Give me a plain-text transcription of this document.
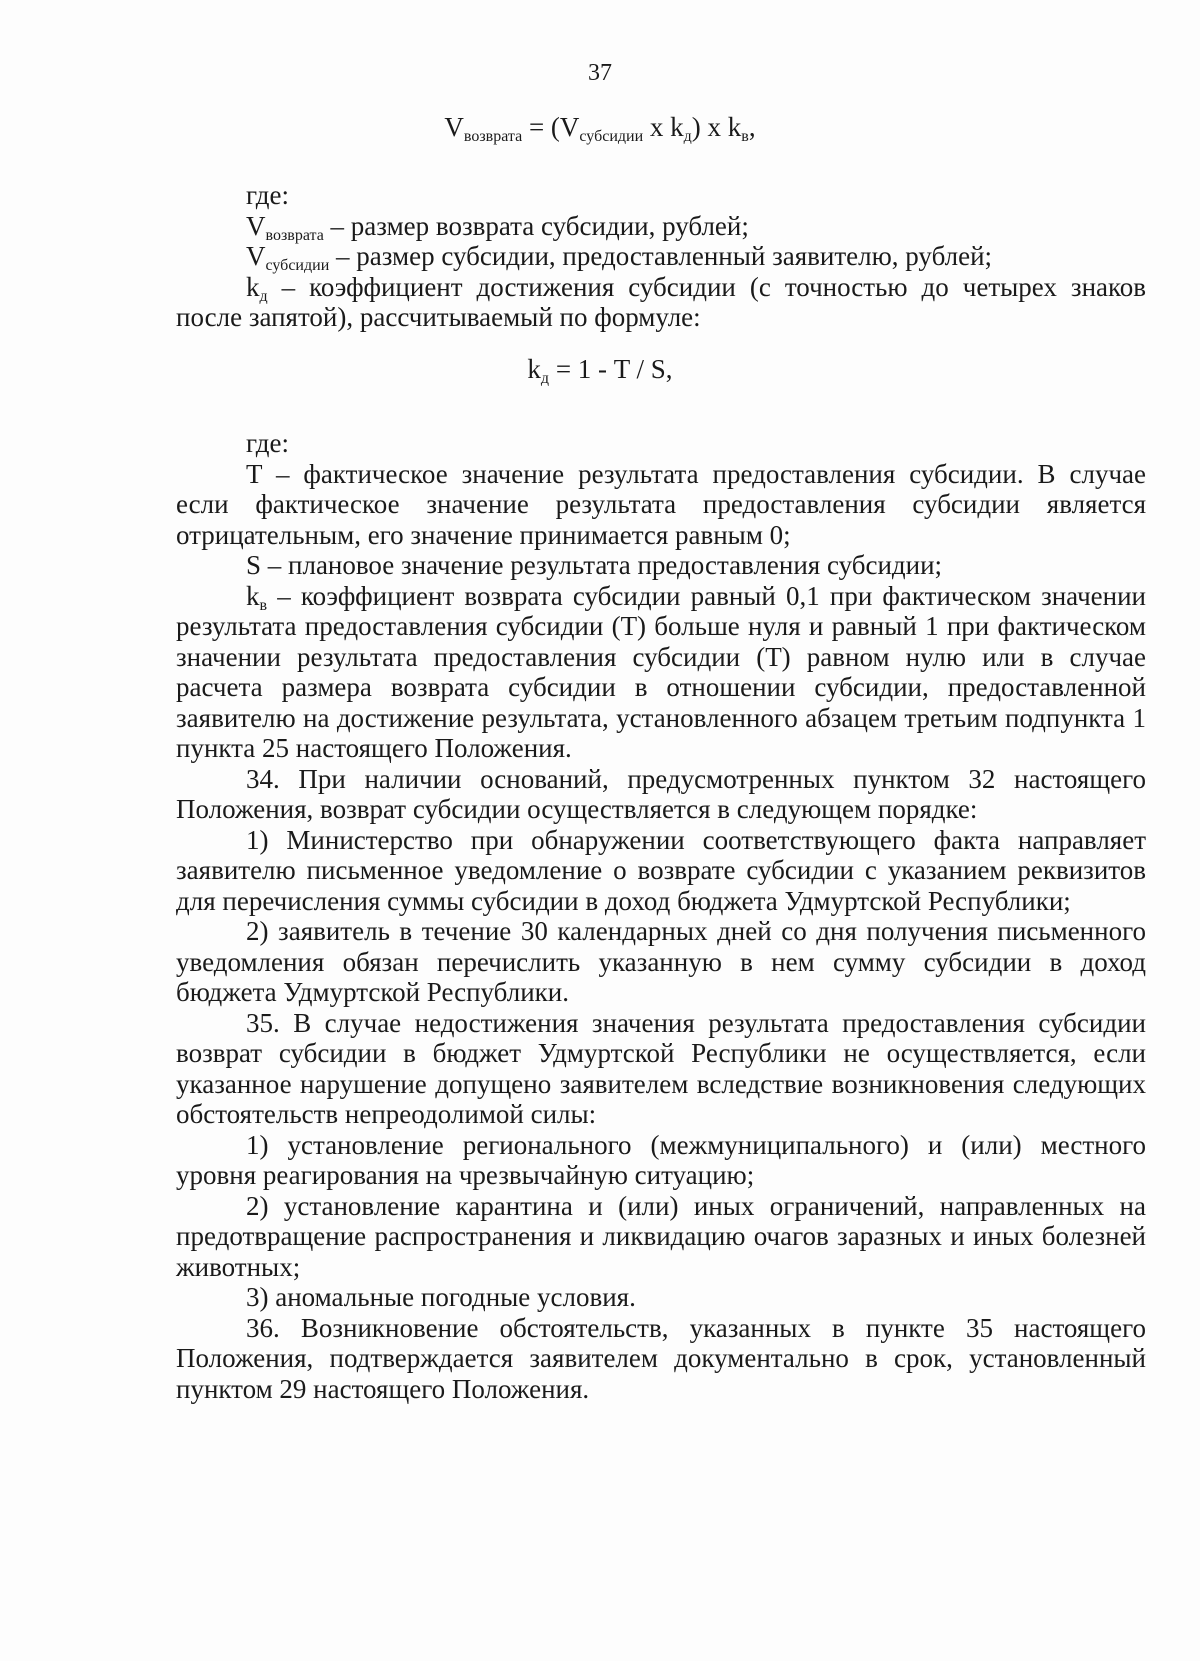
37
$V_{возврата} = (V_{субсидии}$ x $k_д$) x $k_в$,

где:

$V_{возврата}$ – размер возврата субсидии, рублей;

$V_{субсидии}$ – размер субсидии, предоставленный заявителю, рублей;

$k_д$ – коэффициент достижения субсидии (с точностью до четырех знаков после запятой), рассчитываемый по формуле:

$k_д = 1 - T / S$,

где:

T – фактическое значение результата предоставления субсидии. В случае если фактическое значение результата предоставления субсидии является отрицательным, его значение принимается равным 0;

S – плановое значение результата предоставления субсидии;

$k_в$ – коэффициент возврата субсидии равный 0,1 при фактическом значении результата предоставления субсидии (T) больше нуля и равный 1 при фактическом значении результата предоставления субсидии (T) равном нулю или в случае расчета размера возврата субсидии в отношении субсидии, предоставленной заявителю на достижение результата, установленного абзацем третьим подпункта 1 пункта 25 настоящего Положения.

34. При наличии оснований, предусмотренных пунктом 32 настоящего Положения, возврат субсидии осуществляется в следующем порядке:

1) Министерство при обнаружении соответствующего факта направляет заявителю письменное уведомление о возврате субсидии с указанием реквизитов для перечисления суммы субсидии в доход бюджета Удмуртской Республики;

2) заявитель в течение 30 календарных дней со дня получения письменного уведомления обязан перечислить указанную в нем сумму субсидии в доход бюджета Удмуртской Республики.

35. В случае недостижения значения результата предоставления субсидии возврат субсидии в бюджет Удмуртской Республики не осуществляется, если указанное нарушение допущено заявителем вследствие возникновения следующих обстоятельств непреодолимой силы:

1) установление регионального (межмуниципального) и (или) местного уровня реагирования на чрезвычайную ситуацию;

2) установление карантина и (или) иных ограничений, направленных на предотвращение распространения и ликвидацию очагов заразных и иных болезней животных;

3) аномальные погодные условия.

36. Возникновение обстоятельств, указанных в пункте 35 настоящего Положения, подтверждается заявителем документально в срок, установленный пунктом 29 настоящего Положения.
